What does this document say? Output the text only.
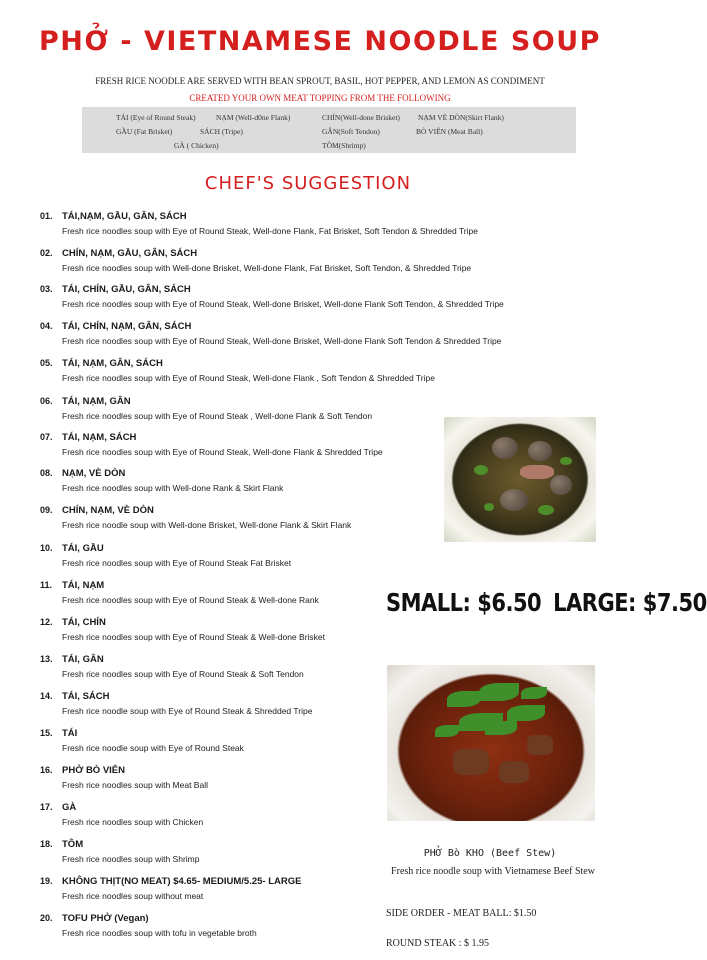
PHỞ - VIETNAMESE NOODLE SOUP
FRESH RICE NOODLE ARE SERVED WITH BEAN SPROUT, BASIL, HOT PEPPER, AND LEMON AS CONDIMENT
CREATED YOUR OWN MEAT TOPPING FROM THE FOLLOWING
TÁI (Eye of Round Steak)	NẠM (Well-d0ne Flank)	CHÍN(Well-done Brisket) NẠM VÈ DÒN(Skirt Flank)
GẦU (Fat Brisket)	SÁCH (Tripe)	GÂN(Soft Tendon)	BÒ VIÊN (Meat Ball)
GÀ ( Chicken)	TÔM(Shrimp)
CHEF'S SUGGESTION
01. TÁI,NẠM, GẦU, GÂN, SÁCH
Fresh rice noodles soup with Eye of Round Steak, Well-done Flank, Fat Brisket, Soft Tendon & Shredded Tripe
02. CHÍN, NẠM, GẦU, GÂN, SÁCH
Fresh rice noodles soup with Well-done Brisket, Well-done Flank, Fat Brisket, Soft Tendon, & Shredded Tripe
03. TÁI, CHÍN, GẦU, GÂN, SÁCH
Fresh rice noodles soup with Eye of Round Steak, Well-done Brisket, Well-done Flank Soft Tendon, & Shredded Tripe
04. TÁI, CHÍN, NẠM, GÂN, SÁCH
Fresh rice noodles soup with Eye of Round Steak, Well-done Brisket, Well-done Flank Soft Tendon & Shredded Tripe
05. TÁI, NẠM, GÂN, SÁCH
Fresh rice noodles soup with Eye of Round Steak, Well-done Flank , Soft Tendon & Shredded Tripe
06. TÁI, NẠM, GÂN
Fresh rice noodles soup with Eye of Round Steak , Well-done Flank & Soft Tendon
07. TÁI, NẠM, SÁCH
Fresh rice noodles soup with Eye of Round Steak, Well-done Flank & Shredded Tripe
08. NẠM, VÈ DÒN
Fresh rice noodles soup with Well-done Rank & Skirt Flank
09. CHÍN, NẠM, VÈ DÒN
Fresh rice noodle soup with Well-done Brisket, Well-done Flank & Skirt Flank
10. TÁI, GẦU
Fresh rice noodles soup with Eye of Round Steak Fat Brisket
11. TÁI, NẠM
Fresh rice noodles soup with Eye of Round Steak & Well-done Rank
12. TÁI, CHÍN
Fresh rice noodles soup with Eye of Round Steak & Well-done Brisket
13. TÁI, GÂN
Fresh rice noodles soup with Eye of Round Steak & Soft Tendon
14. TÁI, SÁCH
Fresh rice noodle soup with Eye of Round Steak & Shredded Tripe
15. TÁI
Fresh rice noodle soup with Eye of Round Steak
16. PHỞ BÒ VIÊN
Fresh rice noodles soup with Meat Ball
17. GÀ
Fresh rice noodles soup with Chicken
18. TÔM
Fresh rice noodles soup with Shrimp
19. KHÔNG THỊT(NO MEAT) $4.65- MEDIUM/5.25- LARGE
Fresh rice noodles soup without meat
20. TOFU PHỞ (Vegan)
Fresh rice noodles soup with tofu in vegetable broth
SMALL: $6.50 LARGE: $7.50
PHỞ Bò KHO (Beef Stew)
Fresh rice noodle soup with Vietnamese Beef Stew
SIDE ORDER - MEAT BALL: $1.50
ROUND STEAK : $ 1.95
